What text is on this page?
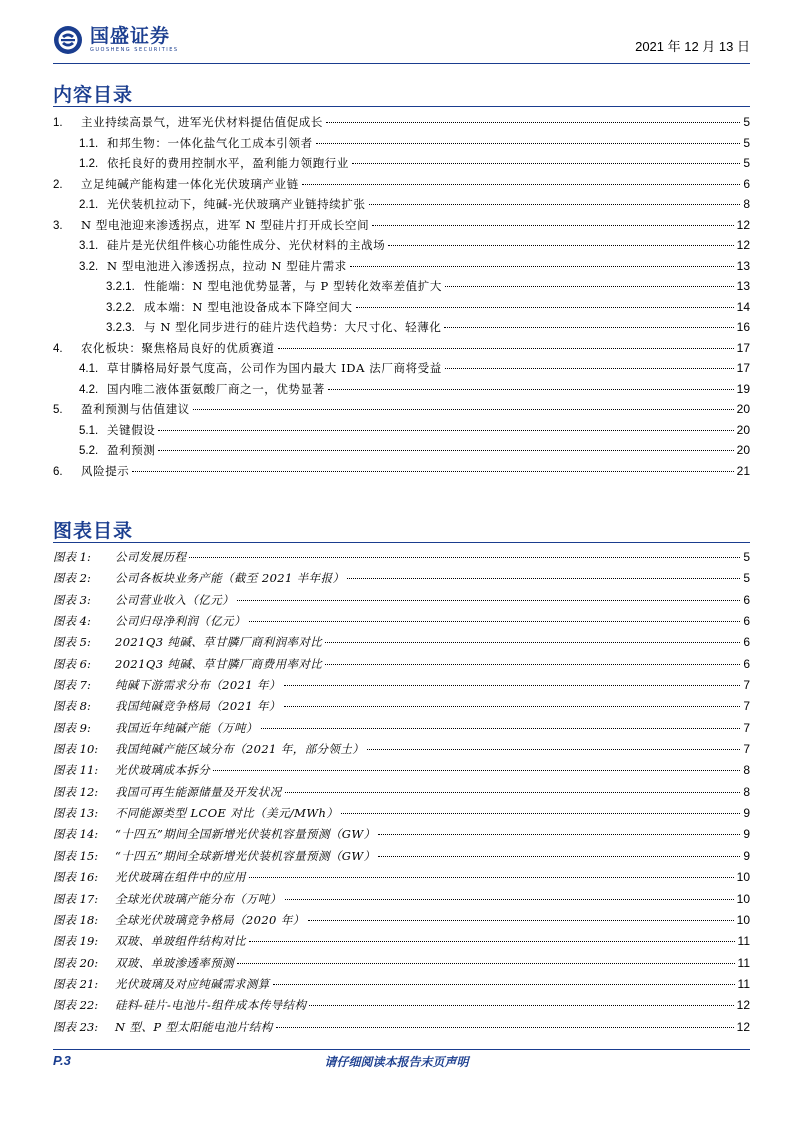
国盛证券
GUOSHENG SECURITIES	2021 年 12 月 13 日
内容目录
1.	主业持续高景气，进军光伏材料提估值促成长	5
1.1. 和邦生物：一体化盐气化工成本引领者	5
1.2. 依托良好的费用控制水平，盈利能力领跑行业	5
2.	立足纯碱产能构建一体化光伏玻璃产业链	6
2.1. 光伏装机拉动下，纯碱-光伏玻璃产业链持续扩张	8
3.	N 型电池迎来渗透拐点，进军 N 型硅片打开成长空间	12
3.1. 硅片是光伏组件核心功能性成分、光伏材料的主战场	12
3.2. N 型电池进入渗透拐点，拉动 N 型硅片需求	13
3.2.1. 性能端：N 型电池优势显著，与 P 型转化效率差值扩大	13
3.2.2. 成本端：N 型电池设备成本下降空间大	14
3.2.3. 与 N 型化同步进行的硅片迭代趋势：大尺寸化、轻薄化	16
4.	农化板块：聚焦格局良好的优质赛道	17
4.1. 草甘膦格局好景气度高，公司作为国内最大 IDA 法厂商将受益	17
4.2. 国内唯二液体蛋氨酸厂商之一，优势显著	19
5.	盈利预测与估值建议	20
5.1. 关键假设	20
5.2. 盈利预测	20
6.	风险提示	21
图表目录
图表 1:	公司发展历程	5
图表 2:	公司各板块业务产能（截至 2021 半年报）	5
图表 3:	公司营业收入（亿元）	6
图表 4:	公司归母净利润（亿元）	6
图表 5:	2021Q3 纯碱、草甘膦厂商利润率对比	6
图表 6:	2021Q3 纯碱、草甘膦厂商费用率对比	6
图表 7:	纯碱下游需求分布（2021 年）	7
图表 8:	我国纯碱竞争格局（2021 年）	7
图表 9:	我国近年纯碱产能（万吨）	7
图表 10:	我国纯碱产能区域分布（2021 年，部分领土）	7
图表 11:	光伏玻璃成本拆分	8
图表 12:	我国可再生能源储量及开发状况	8
图表 13:	不同能源类型 LCOE 对比（美元/MWh）	9
图表 14:	“十四五”期间全国新增光伏装机容量预测（GW）	9
图表 15:	“十四五”期间全球新增光伏装机容量预测（GW）	9
图表 16:	光伏玻璃在组件中的应用	10
图表 17:	全球光伏玻璃产能分布（万吨）	10
图表 18:	全球光伏玻璃竞争格局（2020 年）	10
图表 19:	双玻、单玻组件结构对比	11
图表 20:	双玻、单玻渗透率预测	11
图表 21:	光伏玻璃及对应纯碱需求测算	11
图表 22:	硅料-硅片-电池片-组件成本传导结构	12
图表 23:	N 型、P 型太阳能电池片结构	12
P.3	请仔细阅读本报告末页声明
